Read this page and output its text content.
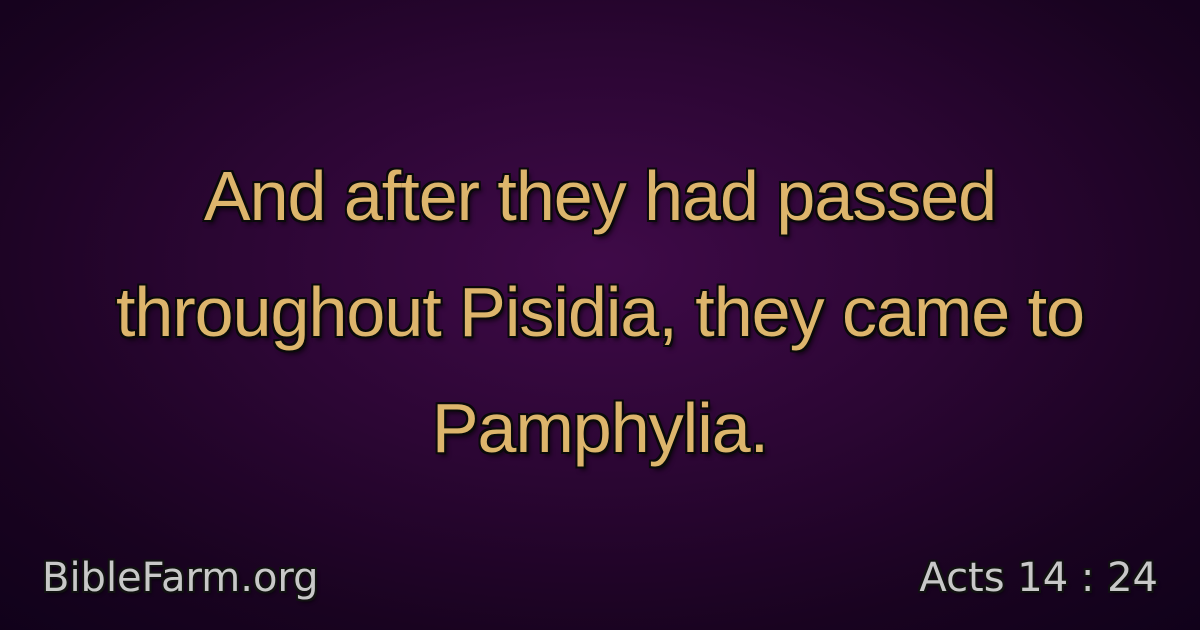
And after they had passed
throughout Pisidia, they came to
Pamphylia.

BibleFarm.org	Acts 14 : 24
